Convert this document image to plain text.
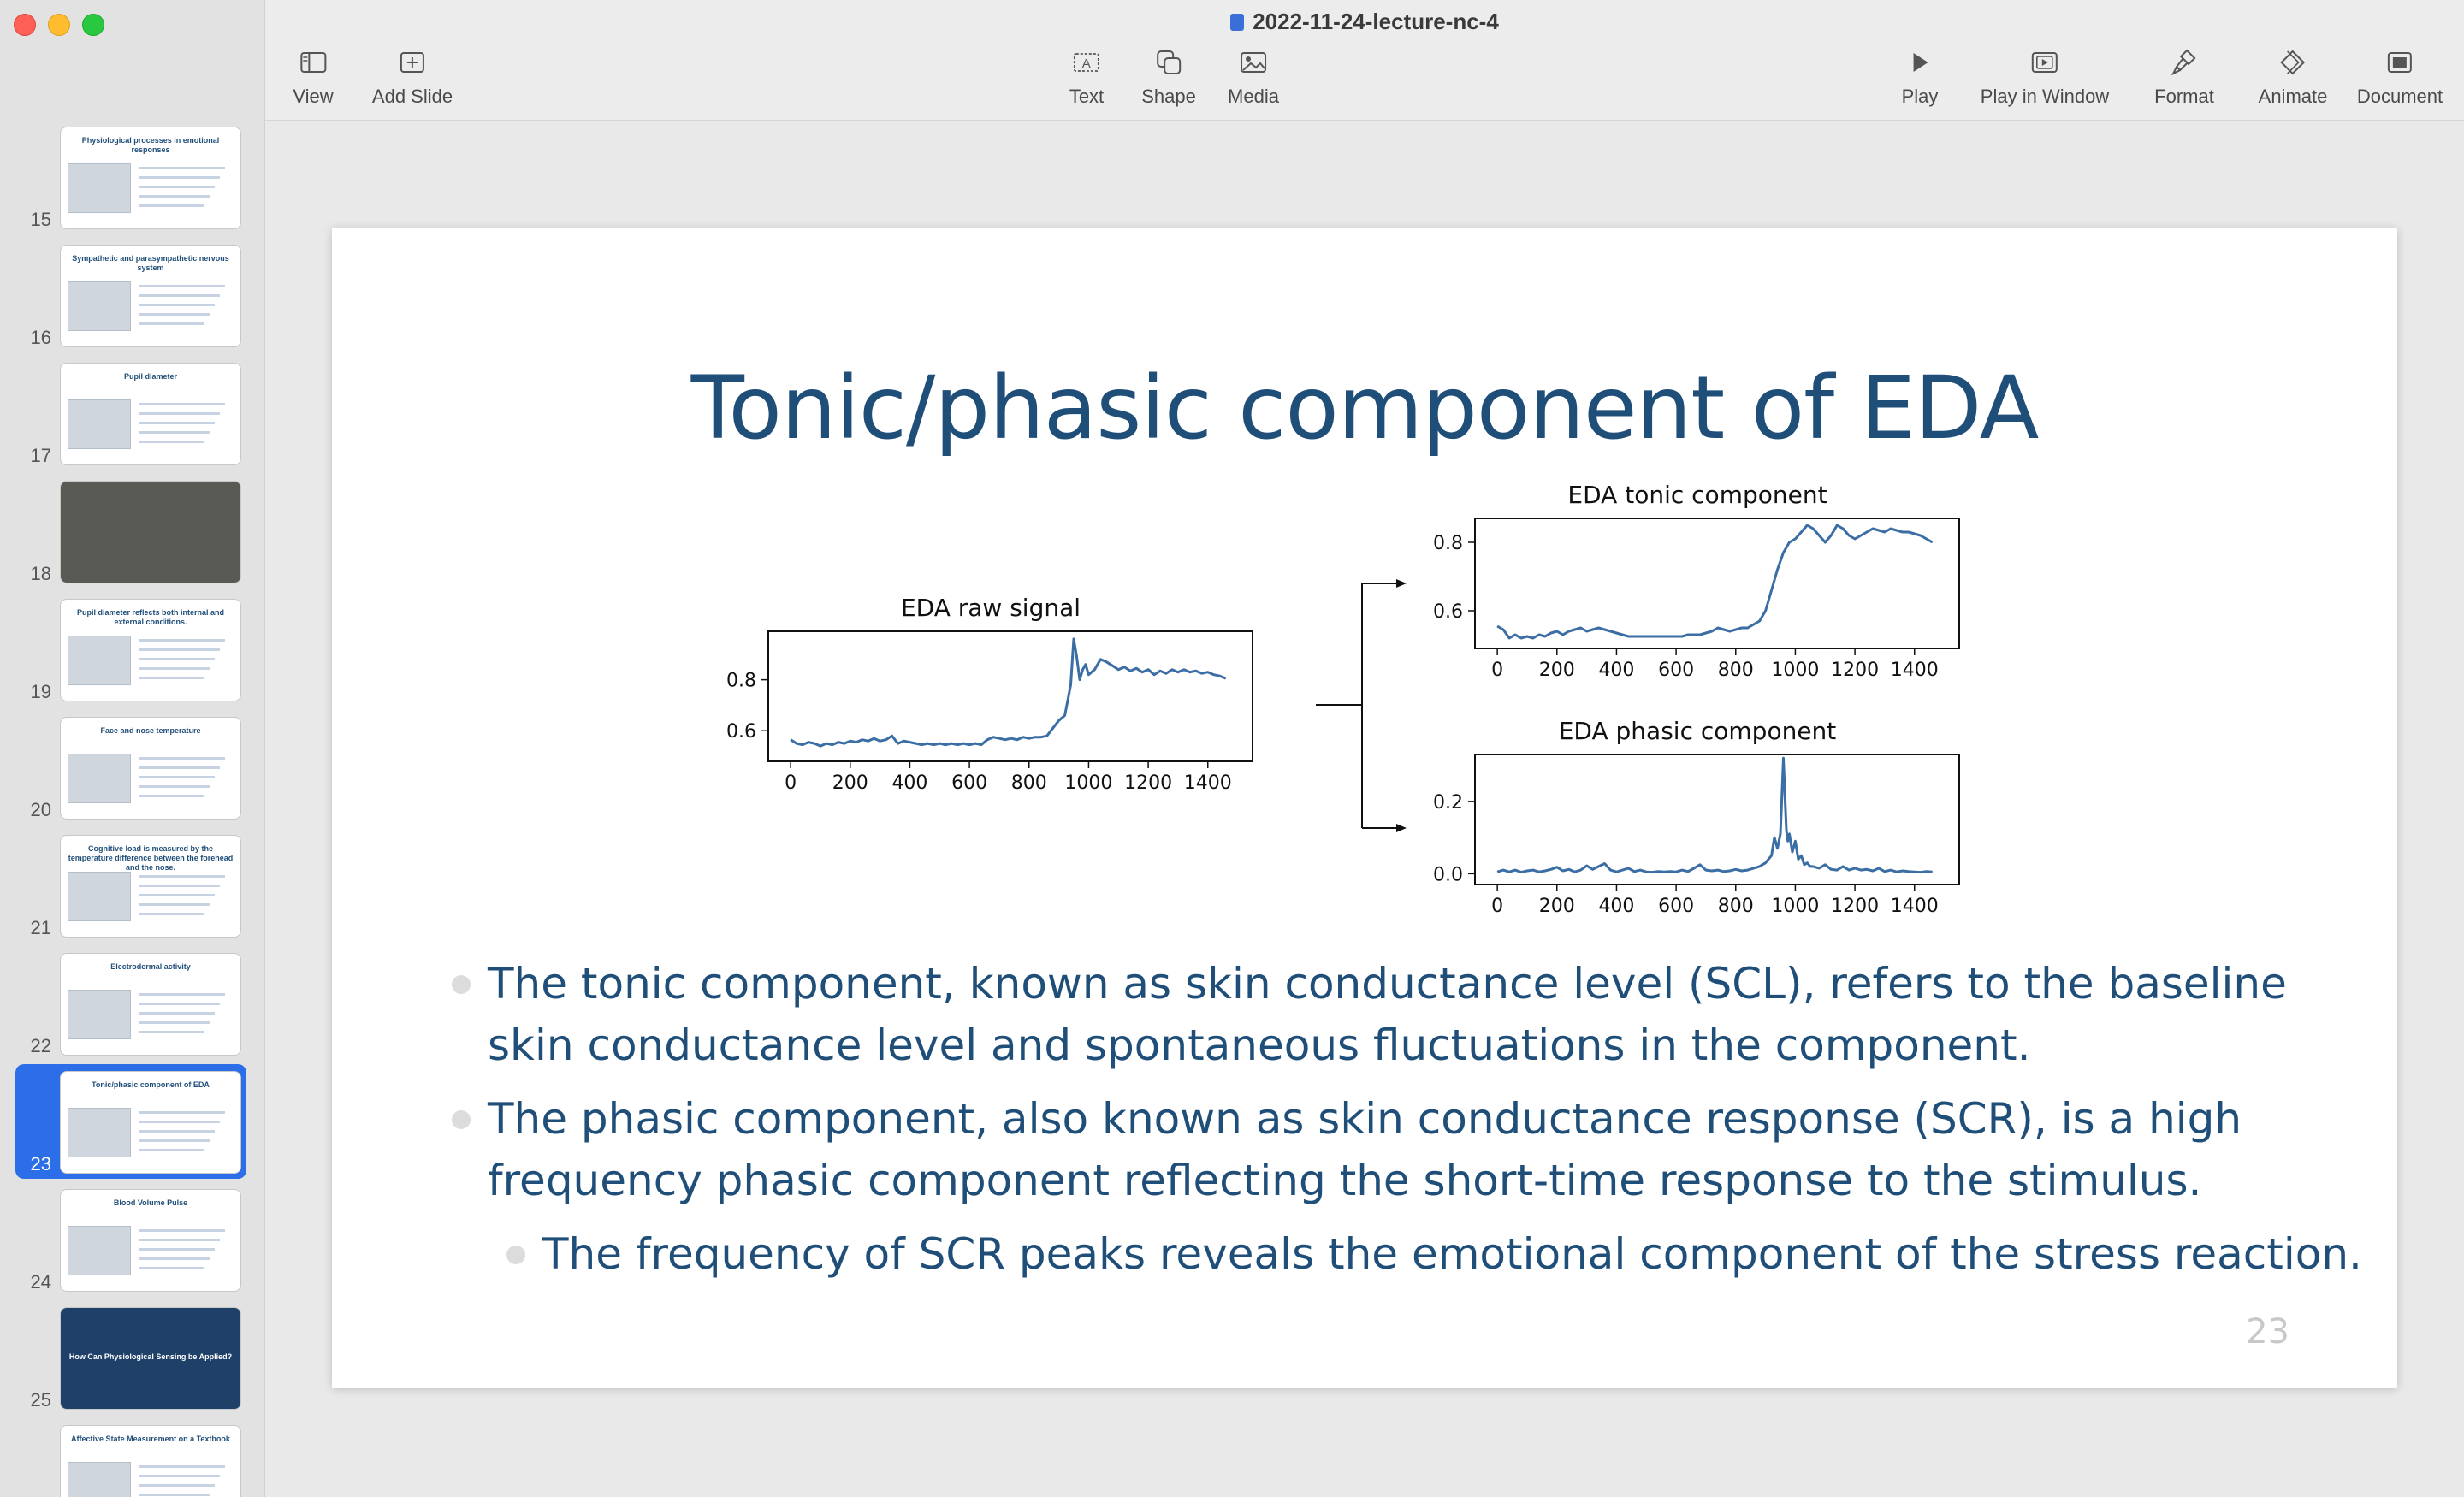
15
Physiological processes in emotional responses
16
Sympathetic and parasympathetic nervous system
17
Pupil diameter
18
19
Pupil diameter reflects both internal and external conditions.
20
Face and nose temperature
21
Cognitive load is measured by the temperature difference between the forehead and the nose.
22
Electrodermal activity
23
Tonic/phasic component of EDA
24
Blood Volume Pulse
25
How Can Physiological Sensing be Applied?
Affective State Measurement on a Textbook
2022-11-24-lecture-nc-4
View Add Slide
A
Text Shape Media	Play Play in Window Format Animate Document
Tonic/phasic component of EDA
EDA raw signal
0 200 400 600 800 1000 1200 1400
0.6
0.8
EDA tonic component
0 200 400 600 800 1000 1200 1400
0.6
0.8
EDA phasic component
0 200 400 600 800 1000 1200 1400
0.0
0.2
The tonic component, known as skin conductance level (SCL), refers to the baseline skin conductance level and spontaneous fluctuations in the component.
The phasic component, also known as skin conductance response (SCR), is a high frequency phasic component reflecting the short-time response to the stimulus.
The frequency of SCR peaks reveals the emotional component of the stress reaction.
23
